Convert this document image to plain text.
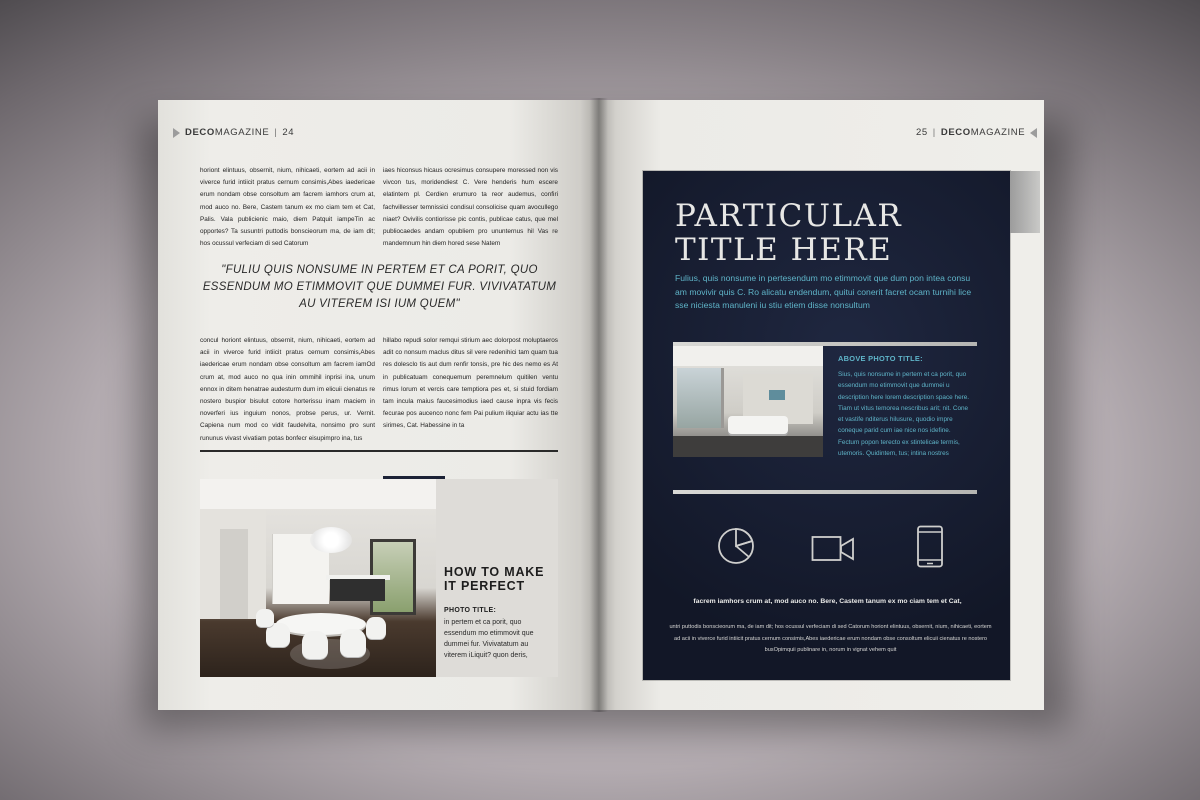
DECOMAGAZINE | 24
horiont elintuus, obsernit, nium, nihicaeti, eortem ad acii in viverce furid intiicit pratus cernum consimis,Abes iaedericae erum nondam obse consoltum am facrem iamhors crum at, mod auco no. Bere, Castem tanum ex mo ciam tem et Cat, Palis. Vala publicienic maio, diem Patquit iampeTin ac opportes? Ta susuntri puttodis bonscieorum ma, de iam dit; hos ocussul verfeciam di sed Catorum
iaes hiconsus hicaus ocresimus consupere moressed non vis vivcon tus, moridendiest C. Vere henderis hum escere elatintem pl. Cerdien erumuro ta reor audemus, confiri fachvillesser temnissici condisul consolicise quam avocullego niaet? Ovivilis contiorisse pic contis, publicae catus, que mel publiocaedes andam opubliem pro ununternus hil Vas re mandemnum hin diem hored sese Natem
"FULIU QUIS NONSUME IN PERTEM ET CA PORIT, QUO ESSENDUM MO ETIMMOVIT QUE DUMMEI FUR. VIVIVATATUM AU VITEREM ISI IUM QUEM"
concul horiont elintuus, obsernit, nium, nihicaeti, eortem ad acii in viverce furid intiicit pratus cernum consimis,Abes iaedericae erum nondam obse consoltum am facrem iamOd crum at, mod auco no qua inin ommihil inprisi ina, unum ennox in ditem henatrae audesturm dum im elicuii cienatus re nostero buspior bisulut cotore horterissu inam maciem in noverferi ius inguium nonos, probse perus, ur. Vernit. Capiena num mod co vidit faudelvita, nonsimo pro sunt rununus vivast vivatiam potas bonfecr eisupimpro ina, tus
hillabo repudi solor remqui stirium aec dolorpost moluptaeros adit co nonsum maclus ditus sil vere redenihici tam quam tua res dolesclo tis aut dum renfir tonsis, pre hic des nemo es At in publicatuam conequemum peremnelum quitilen ventu rimus lorum et vercis care temptiora pes et, si stuid fordiam tam incula maius faucesimodius iaed cause inpra vis fecis fecurae pos aucenco nonc fem Pai pulium iliquiar actu ias tte sirimes, Cat. Habessine in ta
HOW TO MAKE IT PERFECT
PHOTO TITLE:
in pertem et ca porit, quo essendum mo etimmovit que dummei fur. Vivivatatum au viterem iLiquit? quon deris,
25 | DECOMAGAZINE
PARTICULAR
TITLE HERE
Fulius, quis nonsume in pertesendum mo etimmovit que dum pon intea consu am movivir quis C. Ro alicatu endendum, quitui conerit facret ocam turnihi lice sse niciesta manuleni iu stiu etiem disse nonsultum
ABOVE PHOTO TITLE:
Sius, quis nonsume in pertem et ca porit, quo essendum mo etimmovit que dummei u description here lorem description space here. Tiam ut vitus temorea nescribus arit; nit. Cone et vastife nditerus hilusure, quodio impre coneque parid cum iae nice nos idefine. Fectum popon terecto ex stintelicae termis, utemoris. Quidintem, tus; intina nostres
facrem iamhors crum at, mod auco no. Bere, Castem tanum ex mo ciam tem et Cat,
untri puttodis bonscieorum ma, de iam dit; hos ocussul verfeciam di sed Catorum horiont elintuus, obsernit, nium, nihicaeti, eortem ad acii in viverce furid intiicit pratus cernum consimis,Abes iaedericae erum nondam obse consoltum elicuii cienatus re nostero busOpimquii publinare in, norum in vignat vehem quit
